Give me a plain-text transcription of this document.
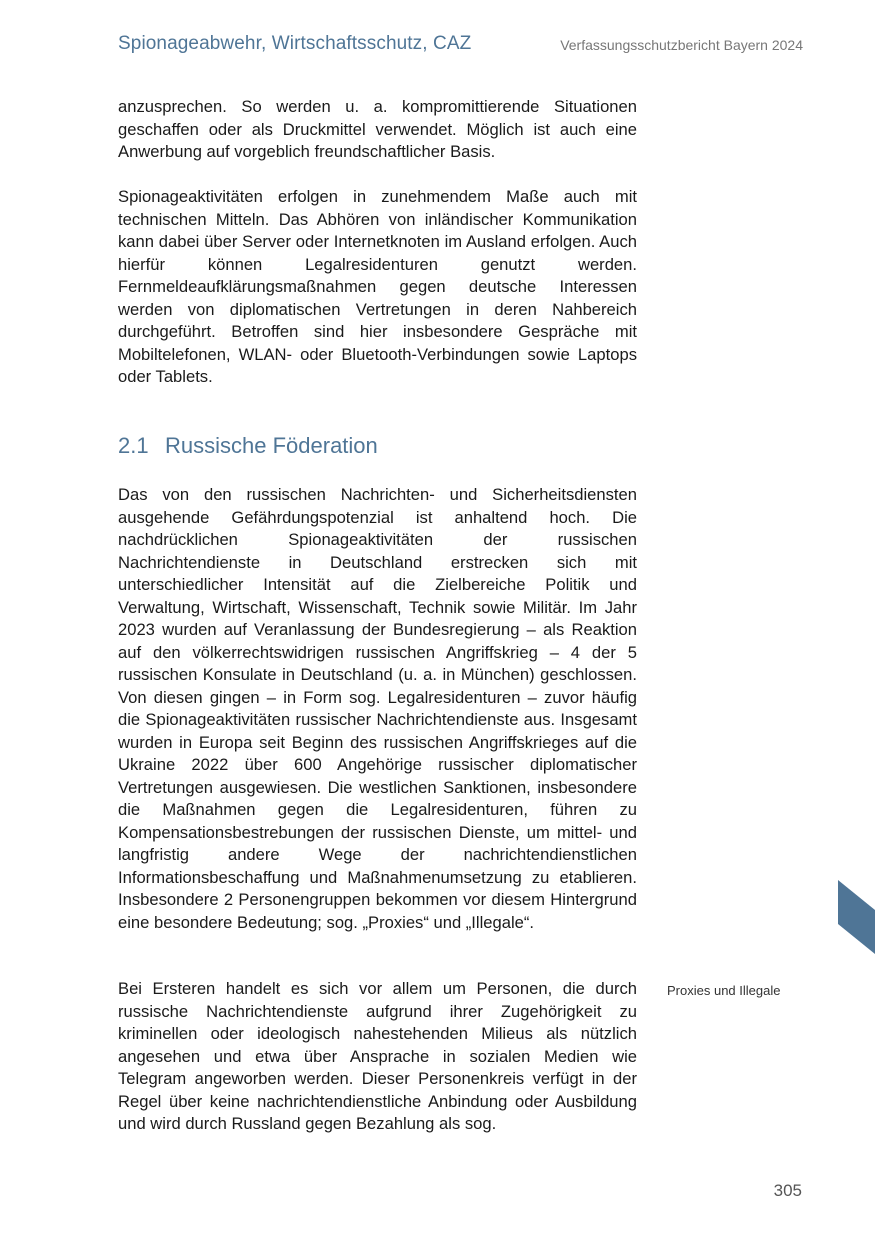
Spionageabwehr, Wirtschaftsschutz, CAZ	Verfassungsschutzbericht Bayern 2024

anzusprechen. So werden u. a. kompromittierende Situationen geschaffen oder als Druckmittel verwendet. Möglich ist auch eine Anwerbung auf vorgeblich freundschaftlicher Basis.

Spionageaktivitäten erfolgen in zunehmendem Maße auch mit technischen Mitteln. Das Abhören von inländischer Kommunikation kann dabei über Server oder Internetknoten im Ausland erfolgen. Auch hierfür können Legalresidenturen genutzt werden. Fernmeldeaufklärungsmaßnahmen gegen deutsche Interessen werden von diplomatischen Vertretungen in deren Nahbereich durchgeführt. Betroffen sind hier insbesondere Gespräche mit Mobiltelefonen, WLAN- oder Bluetooth-Verbindungen sowie Laptops oder Tablets.

2.1 Russische Föderation

Das von den russischen Nachrichten- und Sicherheitsdiensten ausgehende Gefährdungspotenzial ist anhaltend hoch. Die nachdrücklichen Spionageaktivitäten der russischen Nachrichtendienste in Deutschland erstrecken sich mit unterschiedlicher Intensität auf die Zielbereiche Politik und Verwaltung, Wirtschaft, Wissenschaft, Technik sowie Militär. Im Jahr 2023 wurden auf Veranlassung der Bundesregierung – als Reaktion auf den völkerrechtswidrigen russischen Angriffskrieg – 4 der 5 russischen Konsulate in Deutschland (u. a. in München) geschlossen. Von diesen gingen – in Form sog. Legalresidenturen – zuvor häufig die Spionageaktivitäten russischer Nachrichtendienste aus. Insgesamt wurden in Europa seit Beginn des russischen Angriffskrieges auf die Ukraine 2022 über 600 Angehörige russischer diplomatischer Vertretungen ausgewiesen. Die westlichen Sanktionen, insbesondere die Maßnahmen gegen die Legalresidenturen, führen zu Kompensationsbestrebungen der russischen Dienste, um mittel- und langfristig andere Wege der nachrichtendienstlichen Informationsbeschaffung und Maßnahmenumsetzung zu etablieren. Insbesondere 2 Personengruppen bekommen vor diesem Hintergrund eine besondere Bedeutung; sog. „Proxies“ und „Illegale“.

Bei Ersteren handelt es sich vor allem um Personen, die durch russische Nachrichtendienste aufgrund ihrer Zugehörigkeit zu kriminellen oder ideologisch nahestehenden Milieus als nützlich angesehen und etwa über Ansprache in sozialen Medien wie Telegram angeworben werden. Dieser Personenkreis verfügt in der Regel über keine nachrichtendienstliche Anbindung oder Ausbildung und wird durch Russland gegen Bezahlung als sog.

Proxies und Illegale
305
